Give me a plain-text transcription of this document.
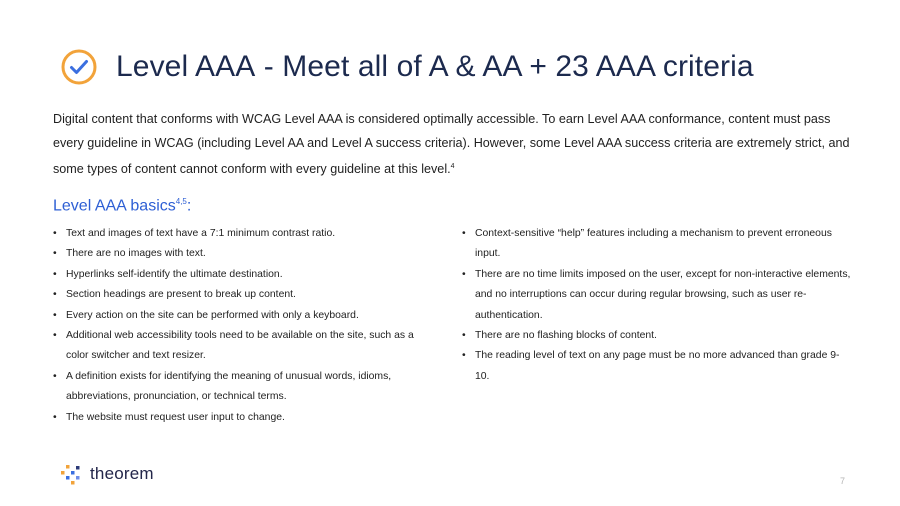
Level AAA - Meet all of A & AA + 23 AAA criteria
Digital content that conforms with WCAG Level AAA is considered optimally accessible. To earn Level AAA conformance, content must pass every guideline in WCAG (including Level AA and Level A success criteria). However, some Level AAA success criteria are extremely strict, and some types of content cannot conform with every guideline at this level.$^4$
Level AAA basics$^{4,5}$:
• Text and images of text have a 7:1 minimum contrast ratio.
• There are no images with text.
• Hyperlinks self-identify the ultimate destination.
• Section headings are present to break up content.
• Every action on the site can be performed with only a keyboard.
• Additional web accessibility tools need to be available on the site, such as a color switcher and text resizer.
• A definition exists for identifying the meaning of unusual words, idioms, abbreviations, pronunciation, or technical terms.
• The website must request user input to change.
• Context-sensitive “help” features including a mechanism to prevent erroneous input.
• There are no time limits imposed on the user, except for non-interactive elements, and no interruptions can occur during regular browsing, such as user re-authentication.
• There are no flashing blocks of content.
• The reading level of text on any page must be no more advanced than grade 9-10.
theorem	7
